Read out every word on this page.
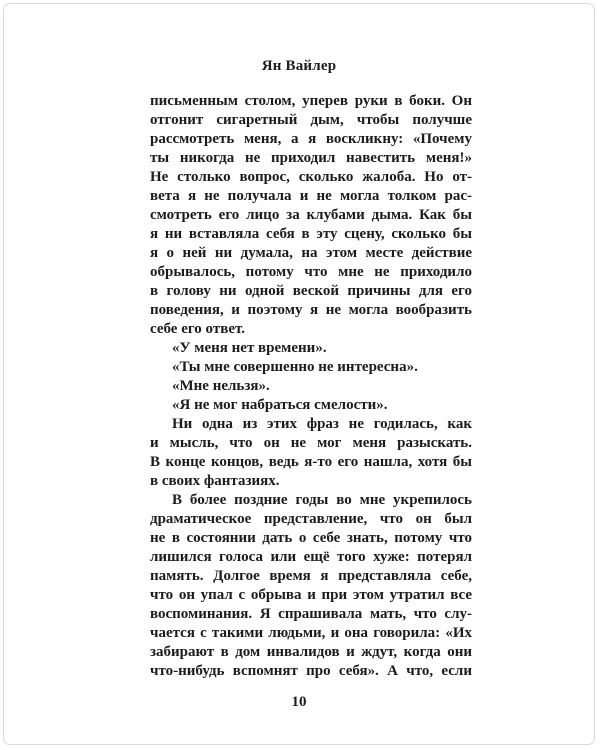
Ян Вайлер
письменным столом, уперев руки в боки. Он
отгонит сигаретный дым, чтобы получше
рассмотреть меня, а я воскликну: «Почему
ты никогда не приходил навестить меня!»
Не столько вопрос, сколько жалоба. Но от-
вета я не получала и не могла толком рас-
смотреть его лицо за клубами дыма. Как бы
я ни вставляла себя в эту сцену, сколько бы
я о ней ни думала, на этом месте действие
обрывалось, потому что мне не приходило
в голову ни одной веской причины для его
поведения, и поэтому я не могла вообразить
себе его ответ.
«У меня нет времени».
«Ты мне совершенно не интересна».
«Мне нельзя».
«Я не мог набраться смелости».
Ни одна из этих фраз не годилась, как
и мысль, что он не мог меня разыскать.
В конце концов, ведь я-то его нашла, хотя бы
в своих фантазиях.
В более поздние годы во мне укрепилось
драматическое представление, что он был
не в состоянии дать о себе знать, потому что
лишился голоса или ещё того хуже: потерял
память. Долгое время я представляла себе,
что он упал с обрыва и при этом утратил все
воспоминания. Я спрашивала мать, что слу-
чается с такими людьми, и она говорила: «Их
забирают в дом инвалидов и ждут, когда они
что-нибудь вспомнят про себя». А что, если
10
